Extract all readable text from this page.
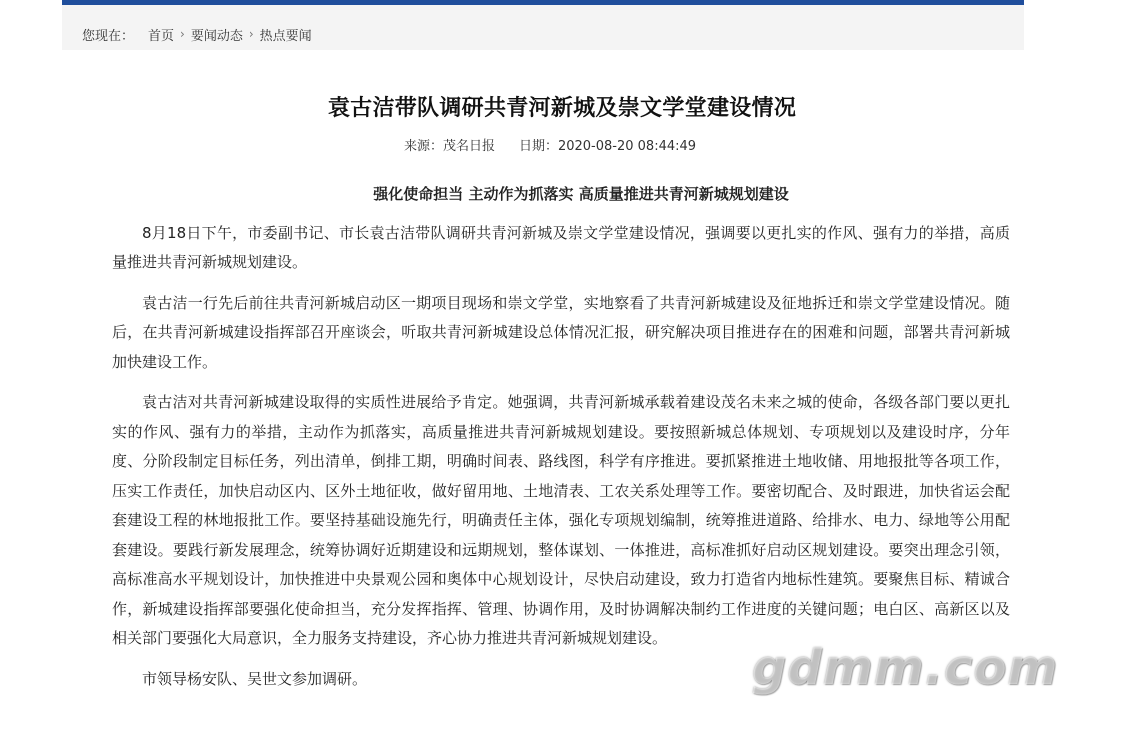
您现在： 首页 › 要闻动态 › 热点要闻
袁古洁带队调研共青河新城及崇文学堂建设情况
来源：茂名日报 日期：2020-08-20 08:44:49

强化使命担当 主动作为抓落实 高质量推进共青河新城规划建设

8月18日下午，市委副书记、市长袁古洁带队调研共青河新城及崇文学堂建设情况，强调要以更扎实的作风、强有力的举措，高质量推进共青河新城规划建设。

袁古洁一行先后前往共青河新城启动区一期项目现场和崇文学堂，实地察看了共青河新城建设及征地拆迁和崇文学堂建设情况。随后，在共青河新城建设指挥部召开座谈会，听取共青河新城建设总体情况汇报，研究解决项目推进存在的困难和问题，部署共青河新城加快建设工作。

袁古洁对共青河新城建设取得的实质性进展给予肯定。她强调，共青河新城承载着建设茂名未来之城的使命，各级各部门要以更扎实的作风、强有力的举措，主动作为抓落实，高质量推进共青河新城规划建设。要按照新城总体规划、专项规划以及建设时序，分年度、分阶段制定目标任务，列出清单，倒排工期，明确时间表、路线图，科学有序推进。要抓紧推进土地收储、用地报批等各项工作，压实工作责任，加快启动区内、区外土地征收，做好留用地、土地清表、工农关系处理等工作。要密切配合、及时跟进，加快省运会配套建设工程的林地报批工作。要坚持基础设施先行，明确责任主体，强化专项规划编制，统筹推进道路、给排水、电力、绿地等公用配套建设。要践行新发展理念，统筹协调好近期建设和远期规划，整体谋划、一体推进，高标准抓好启动区规划建设。要突出理念引领，高标准高水平规划设计，加快推进中央景观公园和奥体中心规划设计，尽快启动建设，致力打造省内地标性建筑。要聚焦目标、精诚合作，新城建设指挥部要强化使命担当，充分发挥指挥、管理、协调作用，及时协调解决制约工作进度的关键问题；电白区、高新区以及相关部门要强化大局意识，全力服务支持建设，齐心协力推进共青河新城规划建设。

市领导杨安队、吴世文参加调研。	gdmm.com
